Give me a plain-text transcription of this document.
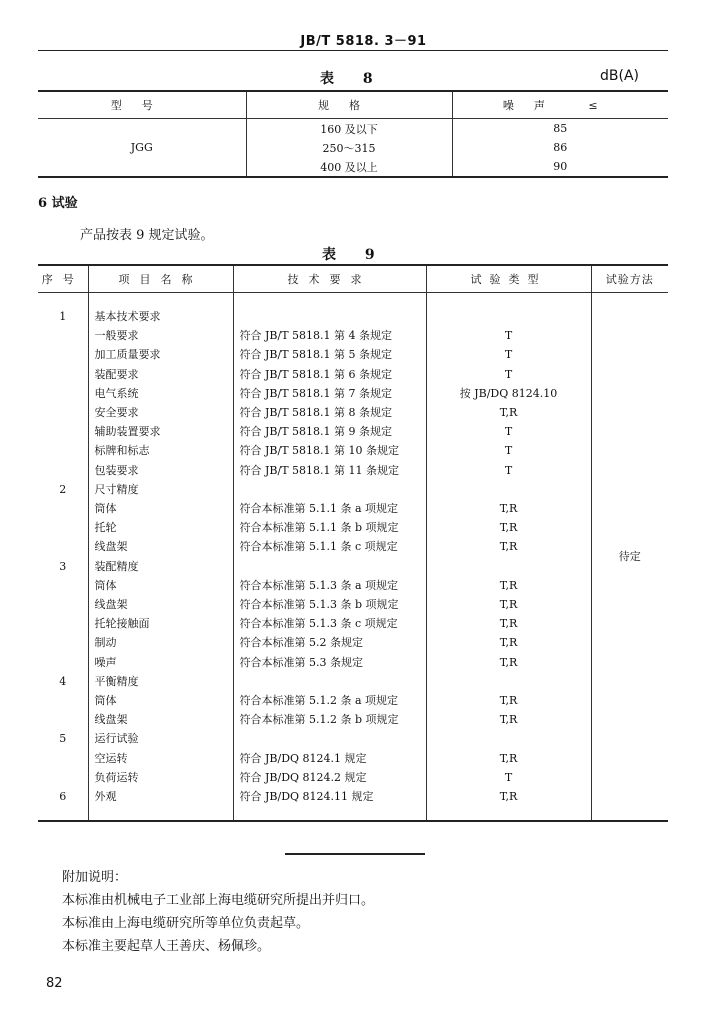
JB/T 5818. 3－91
表 8	dB(A)
型号	规格	噪声 ≤
JGG	160 及以下	85
	250～315	86
	400 及以上	90
6 试验
产品按表 9 规定试验。
表 9
序号	项目名称	技术要求	试验类型	试验方法
				待定
1	基本技术要求			
	一般要求	符合 JB/T 5818.1 第 4 条规定	T	
	加工质量要求	符合 JB/T 5818.1 第 5 条规定	T	
	装配要求	符合 JB/T 5818.1 第 6 条规定	T	
	电气系统	符合 JB/T 5818.1 第 7 条规定	按 JB/DQ 8124.10	
	安全要求	符合 JB/T 5818.1 第 8 条规定	T,R	
	辅助装置要求	符合 JB/T 5818.1 第 9 条规定	T	
	标牌和标志	符合 JB/T 5818.1 第 10 条规定	T	
	包装要求	符合 JB/T 5818.1 第 11 条规定	T	
2	尺寸精度			
	筒体	符合本标准第 5.1.1 条 a 项规定	T,R	
	托轮	符合本标准第 5.1.1 条 b 项规定	T,R	
	线盘架	符合本标准第 5.1.1 条 c 项规定	T,R	
3	装配精度			
	筒体	符合本标准第 5.1.3 条 a 项规定	T,R	
	线盘架	符合本标准第 5.1.3 条 b 项规定	T,R	
	托轮接触面	符合本标准第 5.1.3 条 c 项规定	T,R	
	制动	符合本标准第 5.2 条规定	T,R	
	噪声	符合本标准第 5.3 条规定	T,R	
4	平衡精度			
	筒体	符合本标准第 5.1.2 条 a 项规定	T,R	
	线盘架	符合本标准第 5.1.2 条 b 项规定	T,R	
5	运行试验			
	空运转	符合 JB/DQ 8124.1 规定	T,R	
	负荷运转	符合 JB/DQ 8124.2 规定	T	
6	外观	符合 JB/DQ 8124.11 规定	T,R	

附加说明：
本标准由机械电子工业部上海电缆研究所提出并归口。
本标准由上海电缆研究所等单位负责起草。
本标准主要起草人王善庆、杨佩珍。
82
